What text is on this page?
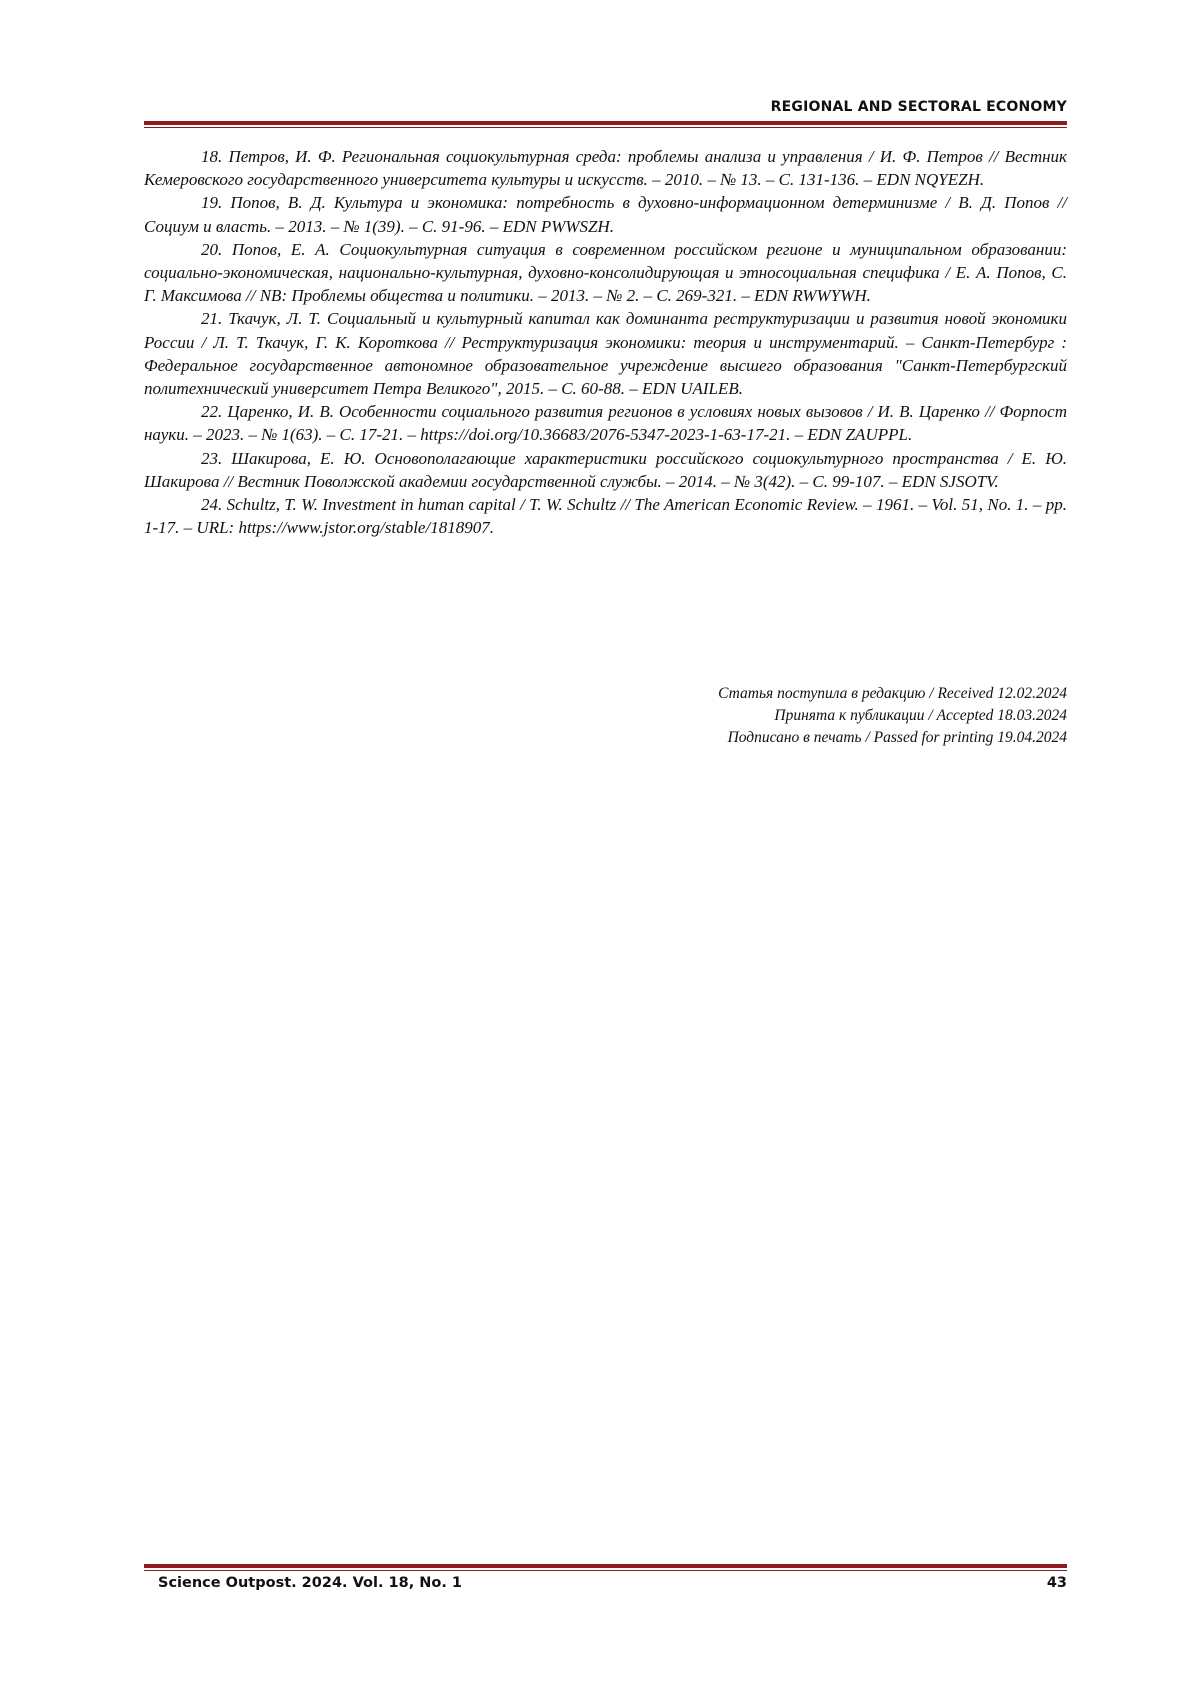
REGIONAL AND SECTORAL ECONOMY

18. Петров, И. Ф. Региональная социокультурная среда: проблемы анализа и управления / И. Ф. Петров // Вестник Кемеровского государственного университета культуры и искусств. – 2010. – № 13. – С. 131-136. – EDN NQYEZH.

19. Попов, В. Д. Культура и экономика: потребность в духовно-информационном детерминизме / В. Д. Попов // Социум и власть. – 2013. – № 1(39). – С. 91-96. – EDN PWWSZH.

20. Попов, Е. А. Социокультурная ситуация в современном российском регионе и муниципальном образовании: социально-экономическая, национально-культурная, духовно-консолидирующая и этносоциальная специфика / Е. А. Попов, С. Г. Максимова // NB: Проблемы общества и политики. – 2013. – № 2. – С. 269-321. – EDN RWWYWH.

21. Ткачук, Л. Т. Социальный и культурный капитал как доминанта реструктуризации и развития новой экономики России / Л. Т. Ткачук, Г. К. Короткова // Реструктуризация экономики: теория и инструментарий. – Санкт-Петербург : Федеральное государственное автономное образовательное учреждение высшего образования "Санкт-Петербургский политехнический университет Петра Великого", 2015. – С. 60-88. – EDN UAILEB.

22. Царенко, И. В. Особенности социального развития регионов в условиях новых вызовов / И. В. Царенко // Форпост науки. – 2023. – № 1(63). – С. 17-21. – https://doi.org/10.36683/2076-5347-2023-1-63-17-21. – EDN ZAUPPL.

23. Шакирова, Е. Ю. Основополагающие характеристики российского социокультурного пространства / Е. Ю. Шакирова // Вестник Поволжской академии государственной службы. – 2014. – № 3(42). – С. 99-107. – EDN SJSOTV.

24. Schultz, T. W. Investment in human capital / T. W. Schultz // The American Economic Review. – 1961. – Vol. 51, No. 1. – pp. 1-17. – URL: https://www.jstor.org/stable/1818907.

Статья поступила в редакцию / Received 12.02.2024
Принята к публикации / Accepted 18.03.2024
Подписано в печать / Passed for printing 19.04.2024
Science Outpost. 2024. Vol. 18, No. 1	43
